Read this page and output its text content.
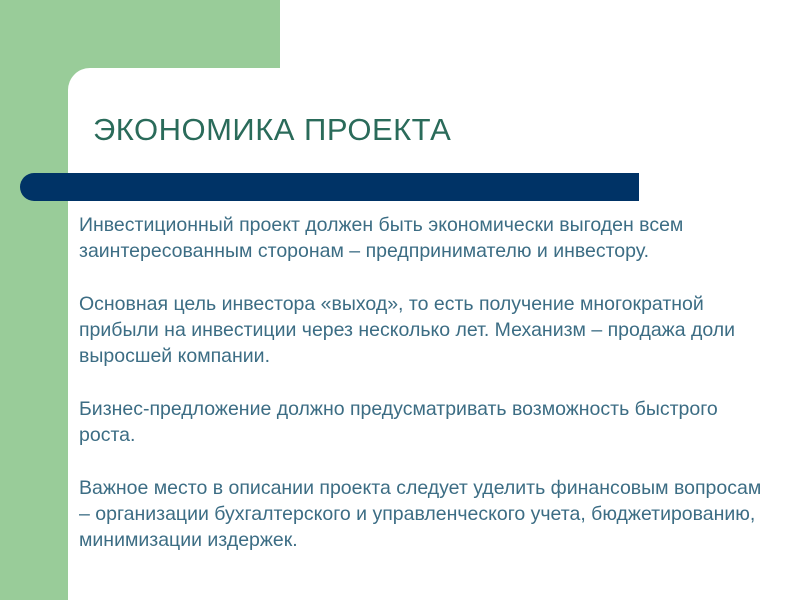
ЭКОНОМИКА ПРОЕКТА

Инвестиционный проект должен быть экономически выгоден всем заинтересованным сторонам – предпринимателю и инвестору.

Основная цель инвестора «выход», то есть получение многократной прибыли на инвестиции через несколько лет. Механизм – продажа доли выросшей компании.

Бизнес-предложение должно предусматривать возможность быстрого роста.

Важное место в описании проекта следует уделить финансовым вопросам – организации бухгалтерского и управленческого учета, бюджетированию, минимизации издержек.
